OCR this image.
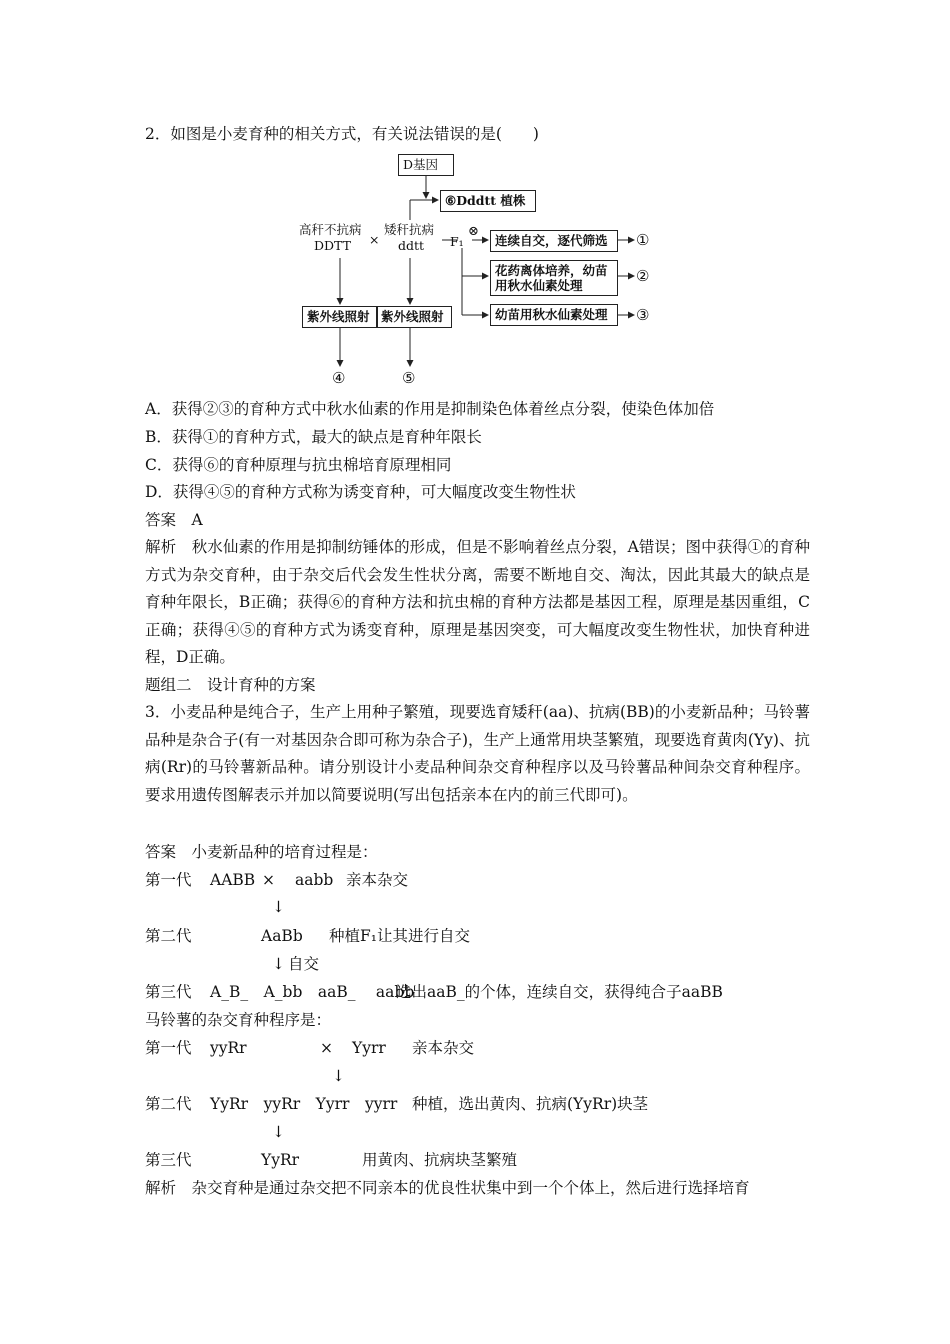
2．如图是小麦育种的相关方式，有关说法错误的是(　　)
D基因
⑥Dddtt 植株
高秆不抗病
DDTT ×
矮秆抗病
ddtt F₁
⊗
连续自交，逐代筛选
花药离体培养，幼苗
用秋水仙素处理
幼苗用秋水仙素处理
①
②
③
紫外线照射 紫外线照射
④	⑤
A．获得②③的育种方式中秋水仙素的作用是抑制染色体着丝点分裂，使染色体加倍
B．获得①的育种方式，最大的缺点是育种年限长
C．获得⑥的育种原理与抗虫棉培育原理相同
D．获得④⑤的育种方式称为诱变育种，可大幅度改变生物性状
答案　A
解析　秋水仙素的作用是抑制纺锤体的形成，但是不影响着丝点分裂，A错误；图中获得①的育种方式为杂交育种，由于杂交后代会发生性状分离，需要不断地自交、淘汰，因此其最大的缺点是育种年限长，B正确；获得⑥的育种方法和抗虫棉的育种方法都是基因工程，原理是基因重组，C正确；获得④⑤的育种方式为诱变育种，原理是基因突变，可大幅度改变生物性状，加快育种进程，D正确。
题组二　设计育种的方案
3．小麦品种是纯合子，生产上用种子繁殖，现要选育矮秆(aa)、抗病(BB)的小麦新品种；马铃薯品种是杂合子(有一对基因杂合即可称为杂合子)，生产上通常用块茎繁殖，现要选育黄肉(Yy)、抗病(Rr)的马铃薯新品种。请分别设计小麦品种间杂交育种程序以及马铃薯品种间杂交育种程序。要求用遗传图解表示并加以简要说明(写出包括亲本在内的前三代即可)。
答案　小麦新品种的培育过程是：
第一代 AABB × aabb 亲本杂交
↓
第二代	AaBb 种植F₁让其进行自交
↓ 自交
第三代 A_B_　A_bb　aaB_　 aabb
选出aaB_的个体，连续自交，获得纯合子aaBB
马铃薯的杂交育种程序是：
第一代 yyRr	× Yyrr 亲本杂交
↓
第二代 YyRr　yyRr　Yyrr　yyrr 种植，选出黄肉、抗病(YyRr)块茎
↓
第三代	YyRr	用黄肉、抗病块茎繁殖
解析　杂交育种是通过杂交把不同亲本的优良性状集中到一个个体上，然后进行选择培育
